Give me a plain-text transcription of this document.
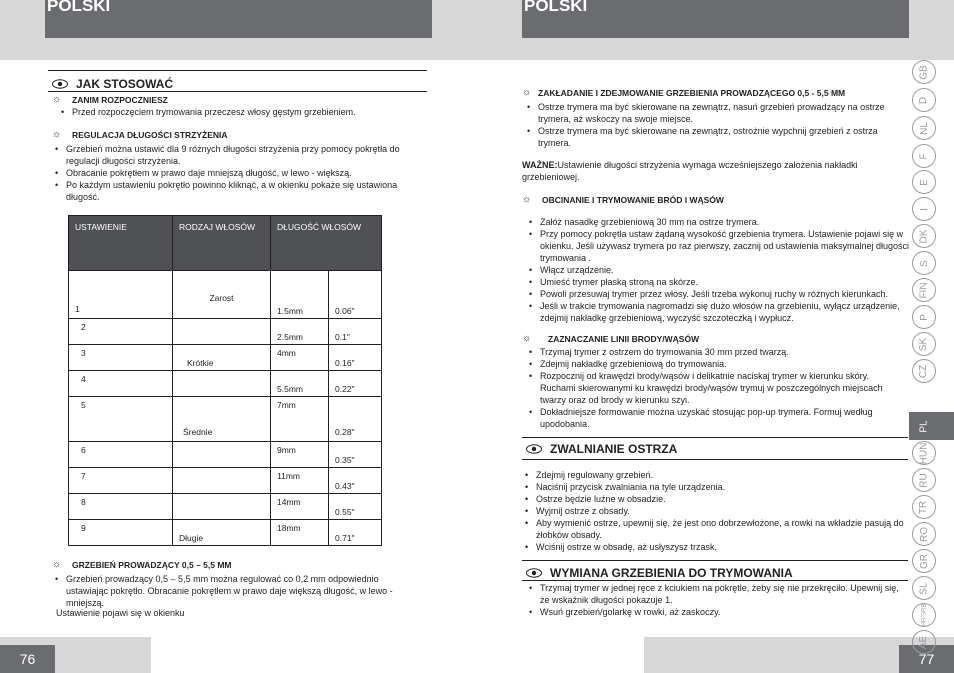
POLSKI	POLSKI
76	77
JAK STOSOWAĆ
☼	ZANIM ROZPOCZNIESZ
• Przed rozpoczęciem trymowania przeczesz włosy gęstym grzebieniem.
☼	REGULACJA DŁUGOŚCI STRZYŻENIA
• Grzebień można ustawić dla 9 różnych długości strzyżenia przy pomocy pokrętła do regulacji długości strzyżenia.
• Obracanie pokrętłem w prawo daje mniejszą długość, w lewo - większą.
• Po każdym ustawieniu pokrętło powinno kliknąć, a w okienku pokaże się ustawiona długość.
USTAWIENIE	RODZAJ WŁOSÓW	DŁUGOŚĆ WŁOSÓW	
1	Zarost	1.5mm	0.06"
2		2.5mm	0.1"
3	Krótkie	4mm	0.16"
4		5.5mm	0.22"
5	Średnie	7mm	0.28"
6		9mm	0.35"
7		11mm	0.43"
8		14mm	0.55"
9	Długie	18mm	0.71"
☼	GRZEBIEŃ PROWADZĄCY 0,5 – 5,5 MM
• Grzebień prowadzący 0,5 – 5,5 mm można regulować co 0,2 mm odpowiednio ustawiając pokrętło. Obracanie pokrętłem w prawo daje większą długość, w lewo - mniejszą.
Ustawienie pojawi się w okienku
☼ ZAKŁADANIE I ZDEJMOWANIE GRZEBIENIA PROWADZĄCEGO 0,5 - 5,5 MM
• Ostrze trymera ma być skierowane na zewnątrz, nasuń grzebień prowadzący na ostrze trymera, aż wskoczy na swoje miejsce.
• Ostrze trymera ma być skierowane na zewnątrz, ostrożnie wypchnij grzebień z ostrza trymera.
WAŻNE:Ustawienie długości strzyżenia wymaga wcześniejszego założenia nakładki grzebieniowej.
☼	OBCINANIE I TRYMOWANIE BRÓD I WĄSÓW
• Załóż nasadkę grzebieniową 30 mm na ostrze trymera.
• Przy pomocy pokrętła ustaw żądaną wysokość grzebienia trymera. Ustawienie pojawi się w okienku. Jeśli używasz trymera po raz pierwszy, zacznij od ustawienia maksymalnej długości trymowania .
• Włącz urządzenie.
• Umieść trymer płaską stroną na skórze.
• Powoli przesuwaj trymer przez włosy. Jeśli trzeba wykonuj ruchy w różnych kierunkach.
• Jeśli w trakcie trymowania nagromadzi się dużo włosów na grzebieniu, wyłącz urządzenie, zdejmij nakładkę grzebieniową, wyczyść szczoteczką i wypłucz.
☼	ZAZNACZANIE LINII BRODY/WĄSÓW
• Trzymaj trymer z ostrzem do trymowania 30 mm przed twarzą.
• Zdejmij nakładkę grzebieniową do trymowania.
• Rozpocznij od krawędzi brody/wąsów i delikatnie naciskaj trymer w kierunku skóry. Ruchami skierowanymi ku krawędzi brody/wąsów trymuj w poszczególnych miejscach twarzy oraz od brody w kierunku szyi.
• Dokładniejsze formowanie można uzyskać stosując pop-up trymera. Formuj według upodobania.
ZWALNIANIE OSTRZA
• Zdejmij regulowany grzebień.
• Naciśnij przycisk zwalniania na tyle urządzenia.
• Ostrze będzie luźne w obsadzie.
• Wyjmij ostrze z obsady.
• Aby wymienić ostrze, upewnij się, że jest ono dobrzewłożone, a rowki na wkładzie pasują do żłobków obsady.
• Wciśnij ostrze w obsadę, aż usłyszysz trzask.
WYMIANA GRZEBIENIA DO TRYMOWANIA
• Trzymaj trymer w jednej ręce z kciukiem na pokrętle, żeby się nie przekręciło. Upewnij się, że wskaźnik długości pokazuje 1.
• Wsuń grzebień/golarkę w rowki, aż zaskoczy.
GB
D
NL
F
E
I
DK
S
FIN
P
SK
CZ
PL
HUN
RU
TR
RO
GR
SL
HR/SRB
AE
